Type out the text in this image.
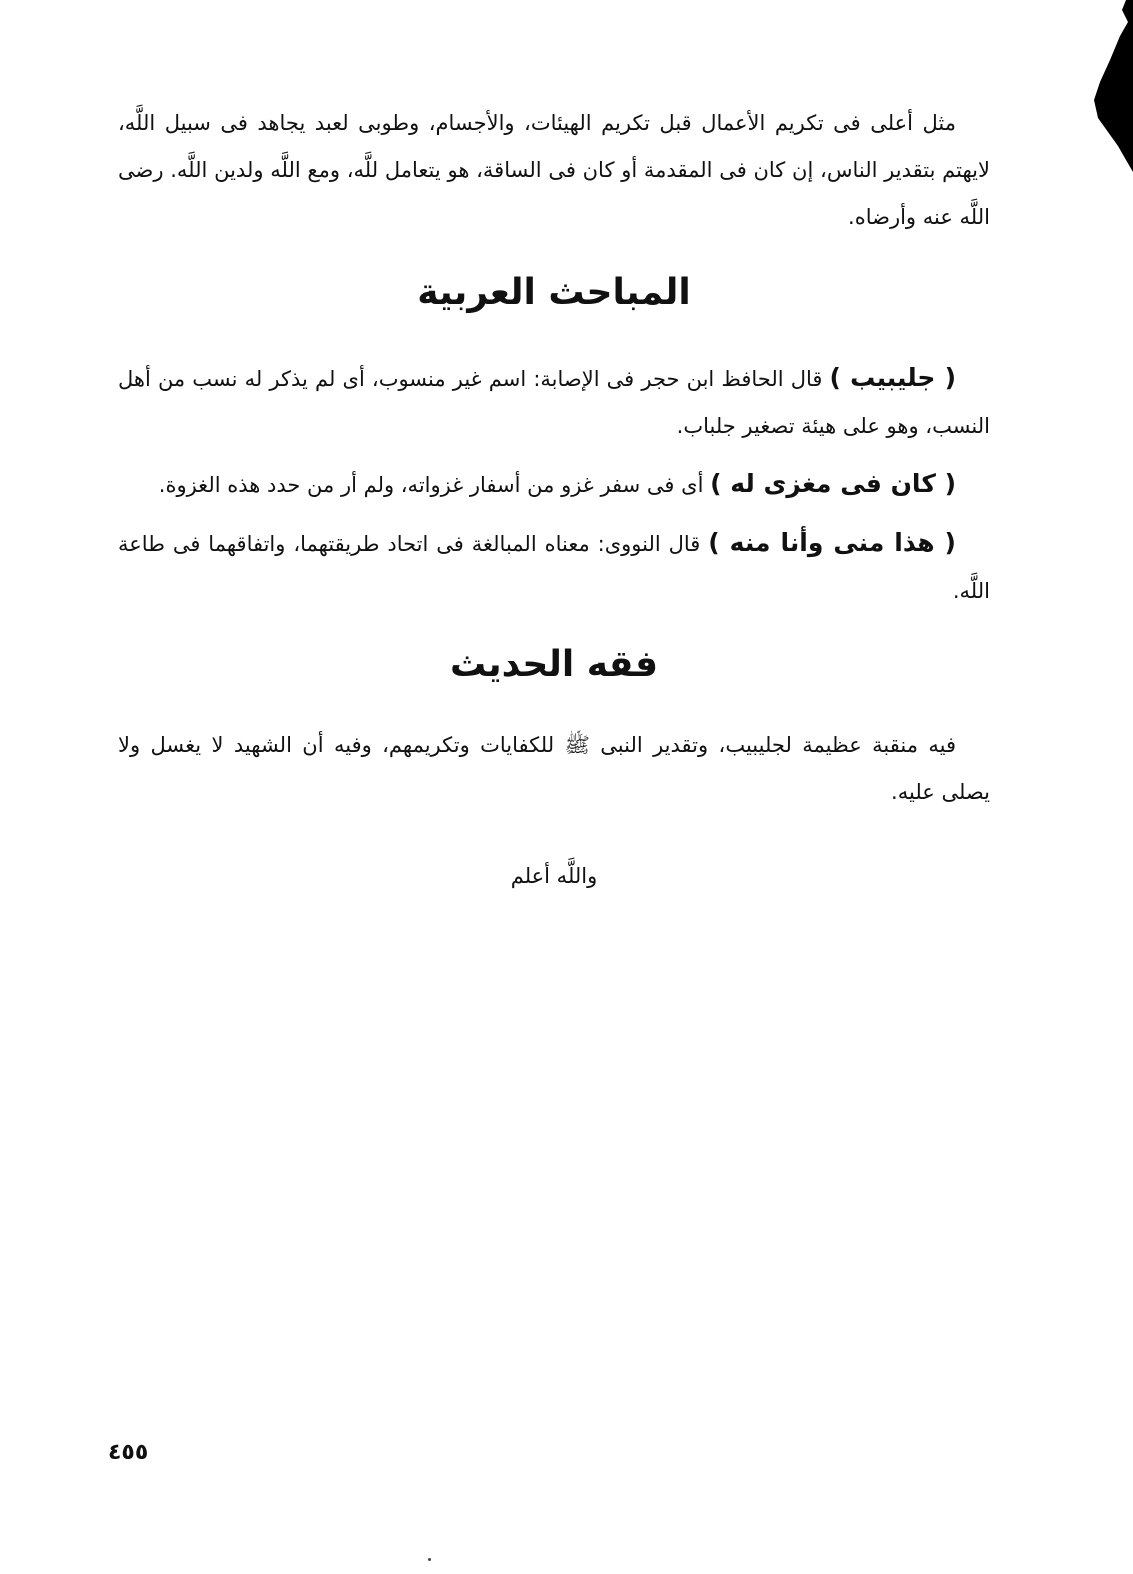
مثل أعلى فى تكريم الأعمال قبل تكريم الهيئات، والأجسام، وطوبى لعبد يجاهد فى سبيل اللَّه، لايهتم بتقدير الناس، إن كان فى المقدمة أو كان فى الساقة، هو يتعامل للَّه، ومع اللَّه ولدين اللَّه. رضى اللَّه عنه وأرضاه.

المباحث العربية

( جليبيب ) قال الحافظ ابن حجر فى الإصابة: اسم غير منسوب، أى لم يذكر له نسب من أهل النسب، وهو على هيئة تصغير جلباب.

( كان فى مغزى له ) أى فى سفر غزو من أسفار غزواته، ولم أر من حدد هذه الغزوة.

( هذا منى وأنا منه ) قال النووى: معناه المبالغة فى اتحاد طريقتهما، واتفاقهما فى طاعة اللَّه.

فقه الحديث

فيه منقبة عظيمة لجليبيب، وتقدير النبى ﷺ للكفايات وتكريمهم، وفيه أن الشهيد لا يغسل ولا يصلى عليه.

واللَّه أعلم
٤٥٥
